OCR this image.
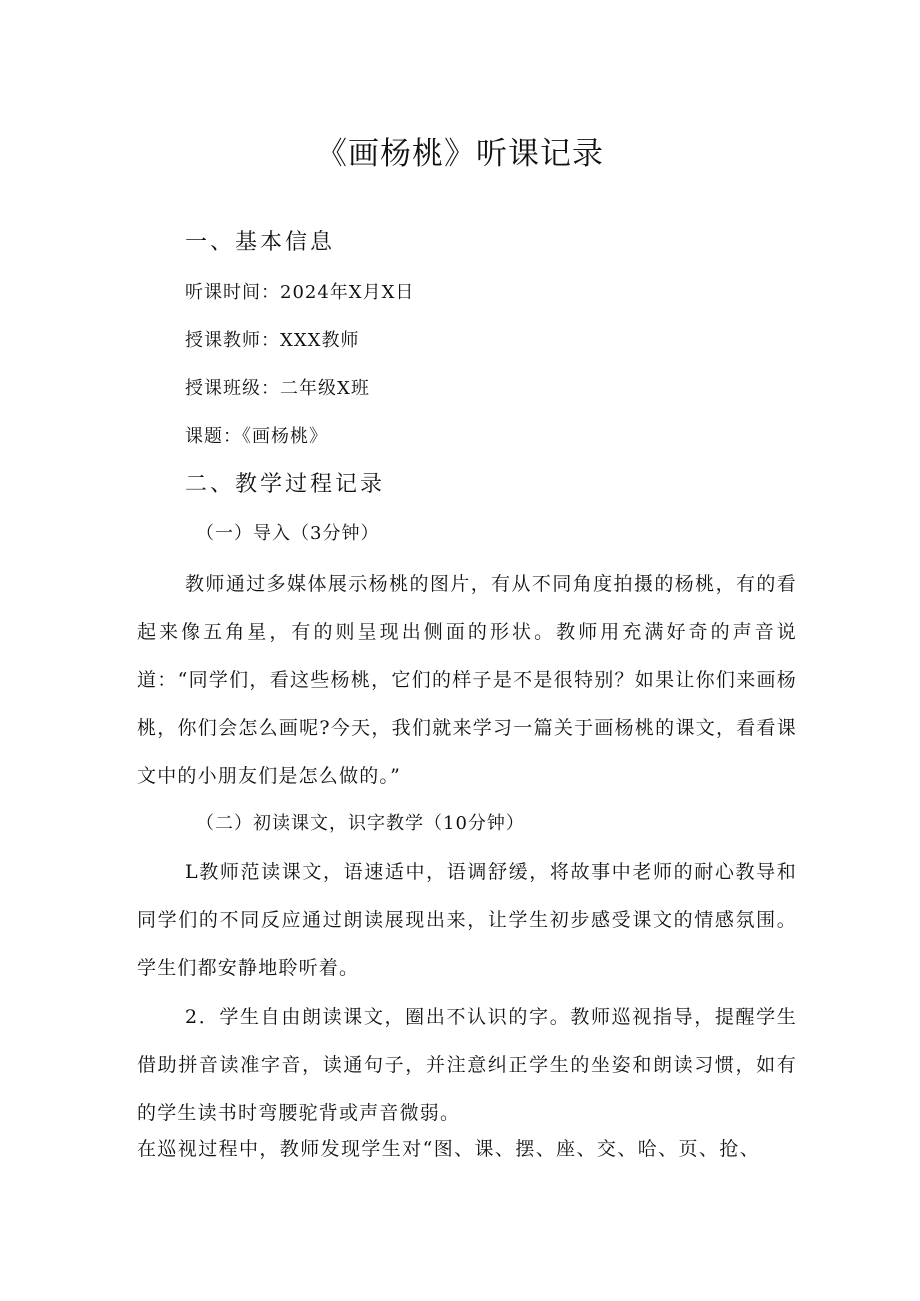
《画杨桃》听课记录
一、基本信息

听课时间：2024年X月X日

授课教师：XXX教师

授课班级：二年级X班

课题：《画杨桃》

二、教学过程记录

（一）导入（3分钟）

教师通过多媒体展示杨桃的图片，有从不同角度拍摄的杨桃，有的看起来像五角星，有的则呈现出侧面的形状。教师用充满好奇的声音说道：“同学们，看这些杨桃，它们的样子是不是很特别？如果让你们来画杨桃，你们会怎么画呢?今天，我们就来学习一篇关于画杨桃的课文，看看课文中的小朋友们是怎么做的。”

（二）初读课文，识字教学（10分钟）

L教师范读课文，语速适中，语调舒缓，将故事中老师的耐心教导和同学们的不同反应通过朗读展现出来，让学生初步感受课文的情感氛围。学生们都安静地聆听着。

2．学生自由朗读课文，圈出不认识的字。教师巡视指导，提醒学生借助拼音读准字音，读通句子，并注意纠正学生的坐姿和朗读习惯，如有的学生读书时弯腰驼背或声音微弱。

在巡视过程中，教师发现学生对“图、课、摆、座、交、哈、页、抢、
